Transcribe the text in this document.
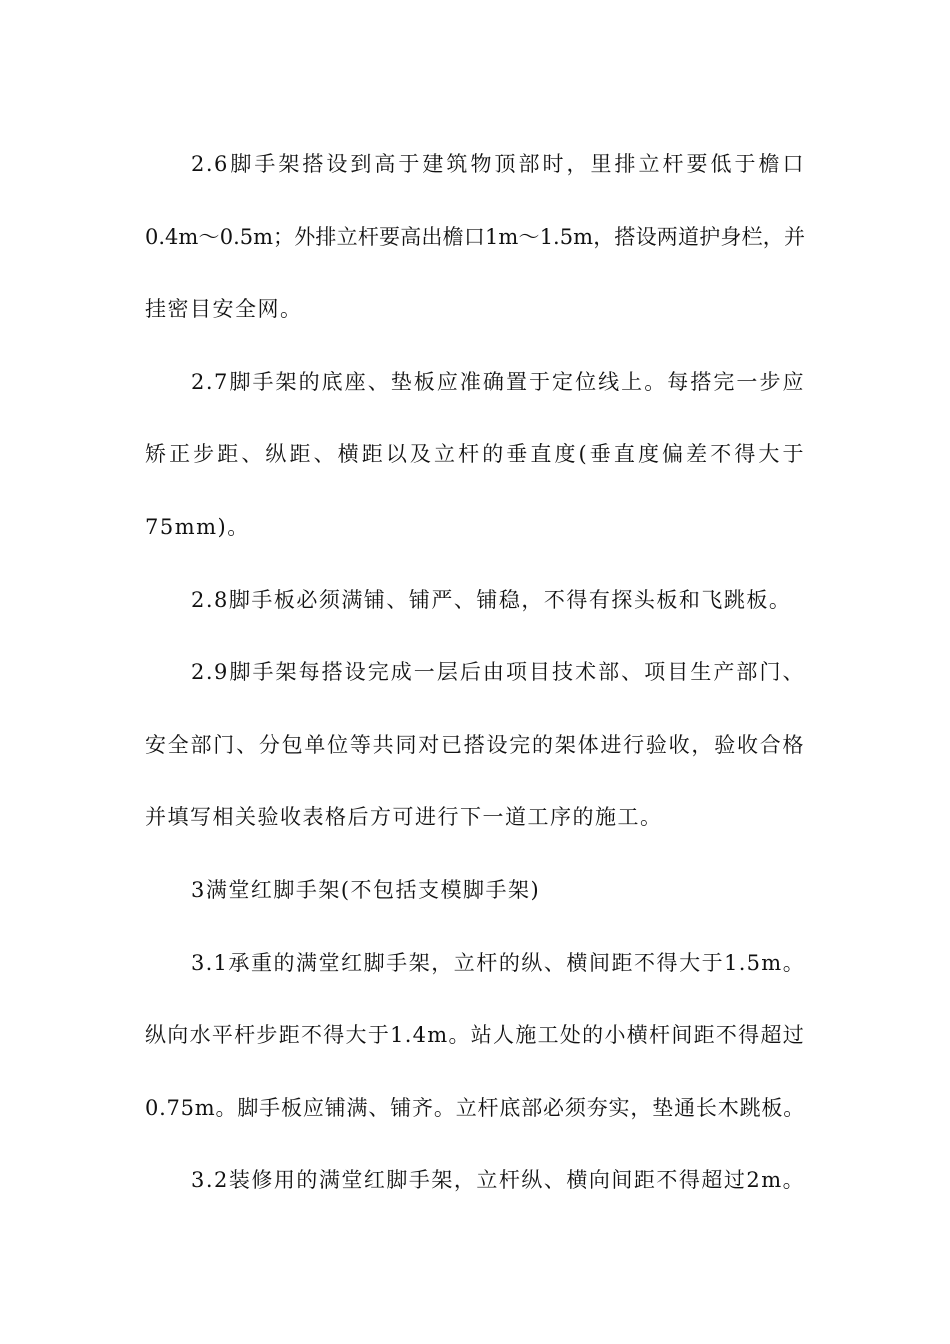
2.6脚手架搭设到高于建筑物顶部时，里排立杆要低于檐口
0.4m～0.5m；外排立杆要高出檐口1m～1.5m，搭设两道护身栏，并
挂密目安全网。
2.7脚手架的底座、垫板应准确置于定位线上。每搭完一步应
矫正步距、纵距、横距以及立杆的垂直度(垂直度偏差不得大于
75mm)。
2.8脚手板必须满铺、铺严、铺稳，不得有探头板和飞跳板。
2.9脚手架每搭设完成一层后由项目技术部、项目生产部门、
安全部门、分包单位等共同对已搭设完的架体进行验收，验收合格
并填写相关验收表格后方可进行下一道工序的施工。
3满堂红脚手架(不包括支模脚手架)
3.1承重的满堂红脚手架，立杆的纵、横间距不得大于1.5m。
纵向水平杆步距不得大于1.4m。站人施工处的小横杆间距不得超过
0.75m。脚手板应铺满、铺齐。立杆底部必须夯实，垫通长木跳板。
3.2装修用的满堂红脚手架，立杆纵、横向间距不得超过2m。
